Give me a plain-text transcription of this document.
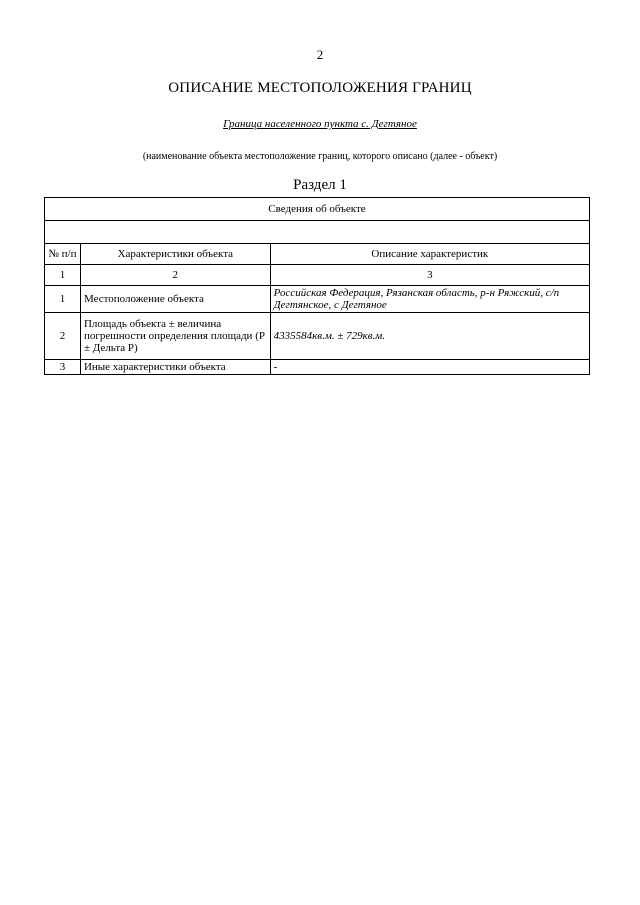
2
ОПИСАНИЕ МЕСТОПОЛОЖЕНИЯ ГРАНИЦ
Граница населенного пункта с. Дегтяное
(наименование объекта местоположение границ, которого описано (далее - объект)
Раздел 1
Сведения об объекте		

№ п/п	Характеристики объекта	Описание характеристик
1	2	3
1	Местоположение объекта	Российская Федерация, Рязанская область, р-н Ряжский, с/п Дегтянское, с Дегтяное
2	Площадь объекта ± величина погрешности определения площади (Р ± Дельта Р)	4335584кв.м. ± 729кв.м.
3	Иные характеристики объекта	-
